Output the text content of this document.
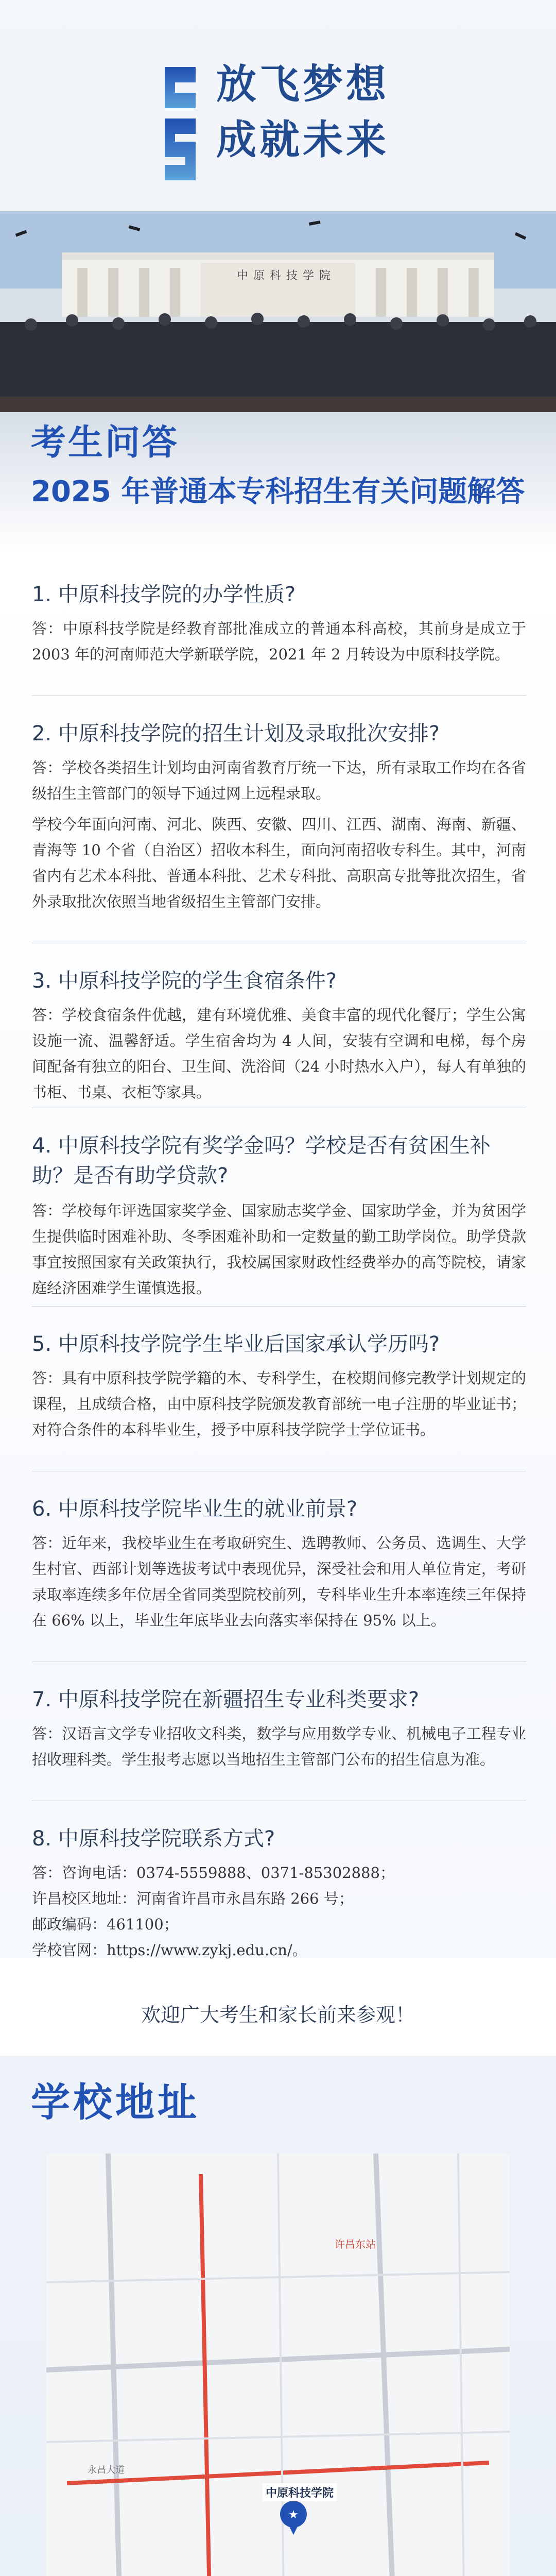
放飞梦想
成就未来
中原科技学院
考生问答
2025 年普通本专科招生有关问题解答
1. 中原科技学院的办学性质?
答：中原科技学院是经教育部批准成立的普通本科高校，其前身是成立于 2003 年的河南师范大学新联学院，2021 年 2 月转设为中原科技学院。
2. 中原科技学院的招生计划及录取批次安排?
答：学校各类招生计划均由河南省教育厅统一下达，所有录取工作均在各省级招生主管部门的领导下通过网上远程录取。
学校今年面向河南、河北、陕西、安徽、四川、江西、湖南、海南、新疆、青海等 10 个省（自治区）招收本科生，面向河南招收专科生。其中，河南省内有艺术本科批、普通本科批、艺术专科批、高职高专批等批次招生，省外录取批次依照当地省级招生主管部门安排。
3. 中原科技学院的学生食宿条件?
答：学校食宿条件优越，建有环境优雅、美食丰富的现代化餐厅；学生公寓设施一流、温馨舒适。学生宿舍均为 4 人间，安装有空调和电梯，每个房间配备有独立的阳台、卫生间、洗浴间（24 小时热水入户），每人有单独的书柜、书桌、衣柜等家具。
4. 中原科技学院有奖学金吗？学校是否有贫困生补助？是否有助学贷款?
答：学校每年评选国家奖学金、国家励志奖学金、国家助学金，并为贫困学生提供临时困难补助、冬季困难补助和一定数量的勤工助学岗位。助学贷款事宜按照国家有关政策执行，我校属国家财政性经费举办的高等院校，请家庭经济困难学生谨慎选报。
5. 中原科技学院学生毕业后国家承认学历吗?
答：具有中原科技学院学籍的本、专科学生，在校期间修完教学计划规定的课程，且成绩合格，由中原科技学院颁发教育部统一电子注册的毕业证书；对符合条件的本科毕业生，授予中原科技学院学士学位证书。
6. 中原科技学院毕业生的就业前景?
答：近年来，我校毕业生在考取研究生、选聘教师、公务员、选调生、大学生村官、西部计划等选拔考试中表现优异，深受社会和用人单位肯定，考研录取率连续多年位居全省同类型院校前列，专科毕业生升本率连续三年保持在 66% 以上，毕业生年底毕业去向落实率保持在 95% 以上。
7. 中原科技学院在新疆招生专业科类要求?
答：汉语言文学专业招收文科类，数学与应用数学专业、机械电子工程专业招收理科类。学生报考志愿以当地招生主管部门公布的招生信息为准。
8. 中原科技学院联系方式?
答：咨询电话：0374-5559888、0371-85302888；
许昌校区地址：河南省许昌市永昌东路 266 号；
邮政编码：461100；
学校官网：https://www.zykj.edu.cn/。
欢迎广大考生和家长前来参观！
学校地址
★
中原科技学院
许昌东站
永昌大道
